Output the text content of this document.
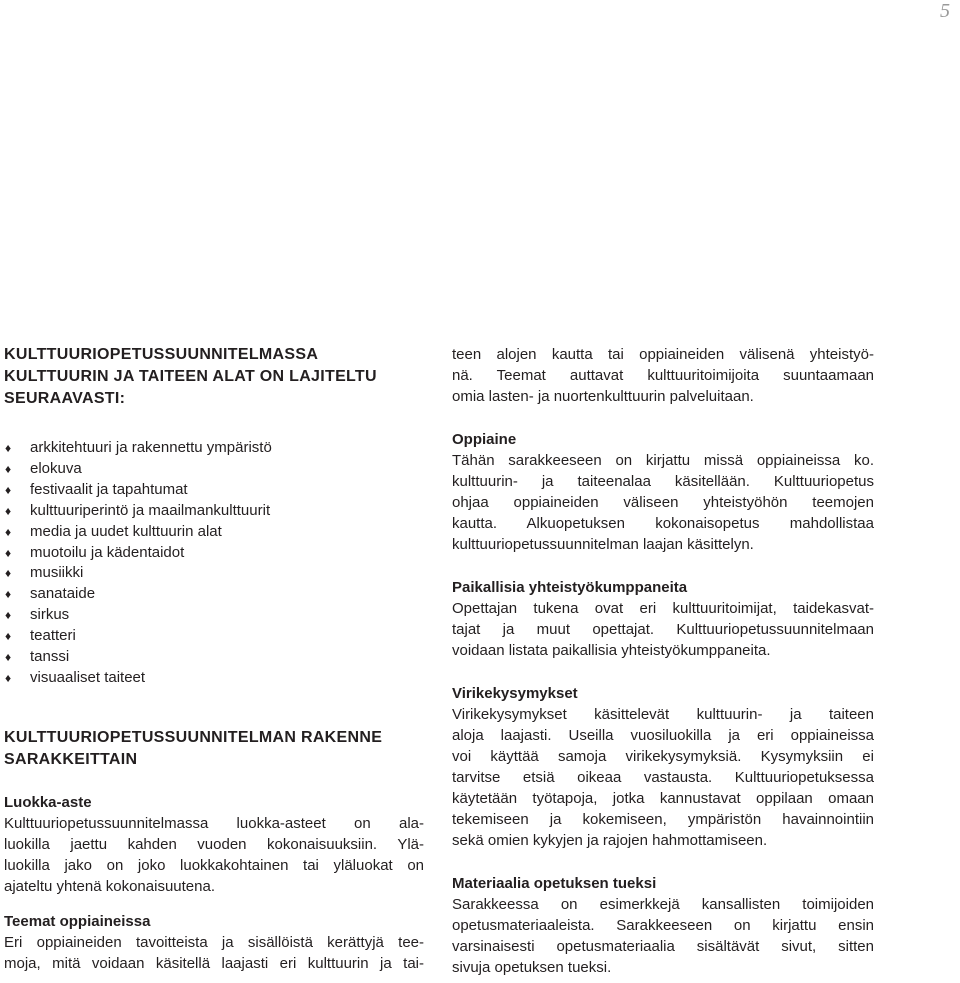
5
KULTTUURIOPETUSSUUNNITELMASSA
KULTTUURIN JA TAITEEN ALAT ON LAJITELTU
SEURAAVASTI:
♦ arkkitehtuuri ja rakennettu ympäristö
♦ elokuva
♦ festivaalit ja tapahtumat
♦ kulttuuriperintö ja maailmankulttuurit
♦ media ja uudet kulttuurin alat
♦ muotoilu ja kädentaidot
♦ musiikki
♦ sanataide
♦ sirkus
♦ teatteri
♦ tanssi
♦ visuaaliset taiteet
KULTTUURIOPETUSSUUNNITELMAN RAKENNE
SARAKKEITTAIN
Luokka-aste

Kulttuuriopetussuunnitelmassa luokka-asteet on ala-
luokilla jaettu kahden vuoden kokonaisuuksiin. Ylä-
luokilla jako on joko luokkakohtainen tai yläluokat on
ajateltu yhtenä kokonaisuutena.

Teemat oppiaineissa

Eri oppiaineiden tavoitteista ja sisällöistä kerättyjä tee-
moja, mitä voidaan käsitellä laajasti eri kulttuurin ja tai-

teen alojen kautta tai oppiaineiden välisenä yhteistyö-
nä. Teemat auttavat kulttuuritoimijoita suuntaamaan
omia lasten- ja nuortenkulttuurin palveluitaan.

Oppiaine

Tähän sarakkeeseen on kirjattu missä oppiaineissa ko.
kulttuurin- ja taiteenalaa käsitellään. Kulttuuriopetus
ohjaa oppiaineiden väliseen yhteistyöhön teemojen
kautta. Alkuopetuksen kokonaisopetus mahdollistaa
kulttuuriopetussuunnitelman laajan käsittelyn.

Paikallisia yhteistyökumppaneita

Opettajan tukena ovat eri kulttuuritoimijat, taidekasvat-
tajat ja muut opettajat. Kulttuuriopetussuunnitelmaan
voidaan listata paikallisia yhteistyökumppaneita.

Virikekysymykset

Virikekysymykset käsittelevät kulttuurin- ja taiteen
aloja laajasti. Useilla vuosiluokilla ja eri oppiaineissa
voi käyttää samoja virikekysymyksiä. Kysymyksiin ei
tarvitse etsiä oikeaa vastausta. Kulttuuriopetuksessa
käytetään työtapoja, jotka kannustavat oppilaan omaan
tekemiseen ja kokemiseen, ympäristön havainnointiin
sekä omien kykyjen ja rajojen hahmottamiseen.

Materiaalia opetuksen tueksi

Sarakkeessa on esimerkkejä kansallisten toimijoiden
opetusmateriaaleista. Sarakkeeseen on kirjattu ensin
varsinaisesti opetusmateriaalia sisältävät sivut, sitten
sivuja opetuksen tueksi.
